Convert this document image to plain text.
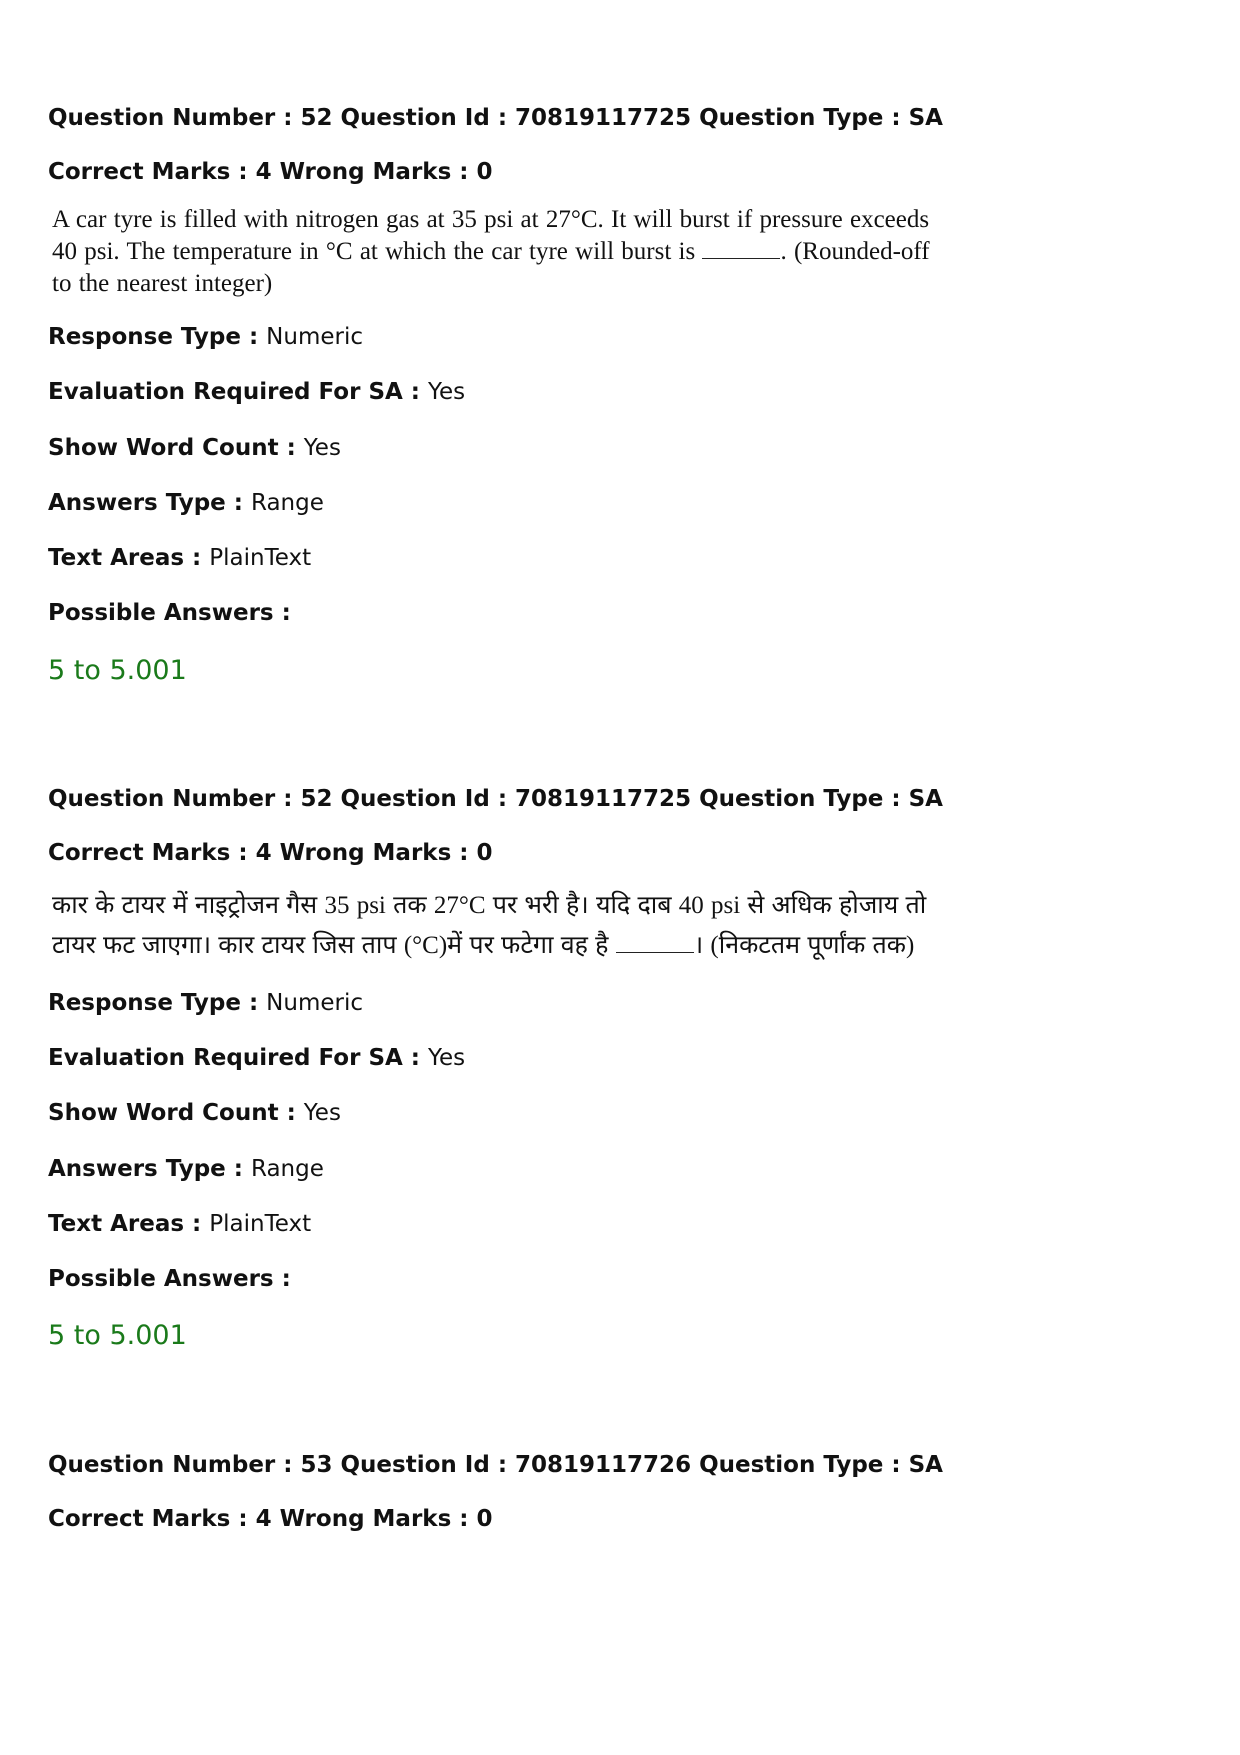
Question Number : 52 Question Id : 70819117725 Question Type : SA
Correct Marks : 4 Wrong Marks : 0
A car tyre is filled with nitrogen gas at 35 psi at 27°C. It will burst if pressure exceeds 40 psi. The temperature in °C at which the car tyre will burst is	. (Rounded-off to the nearest integer)
Response Type : Numeric
Evaluation Required For SA : Yes
Show Word Count : Yes
Answers Type : Range
Text Areas : PlainText
Possible Answers :
5 to 5.001
Question Number : 52 Question Id : 70819117725 Question Type : SA
Correct Marks : 4 Wrong Marks : 0
कार के टायर में नाइट्रोजन गैस 35 psi तक 27°C पर भरी है। यदि दाब 40 psi से अधिक होजाय तो टायर फट जाएगा। कार टायर जिस ताप (°C)में पर फटेगा वह है	। (निकटतम पूर्णांक तक)
Response Type : Numeric
Evaluation Required For SA : Yes
Show Word Count : Yes
Answers Type : Range
Text Areas : PlainText
Possible Answers :
5 to 5.001
Question Number : 53 Question Id : 70819117726 Question Type : SA
Correct Marks : 4 Wrong Marks : 0
